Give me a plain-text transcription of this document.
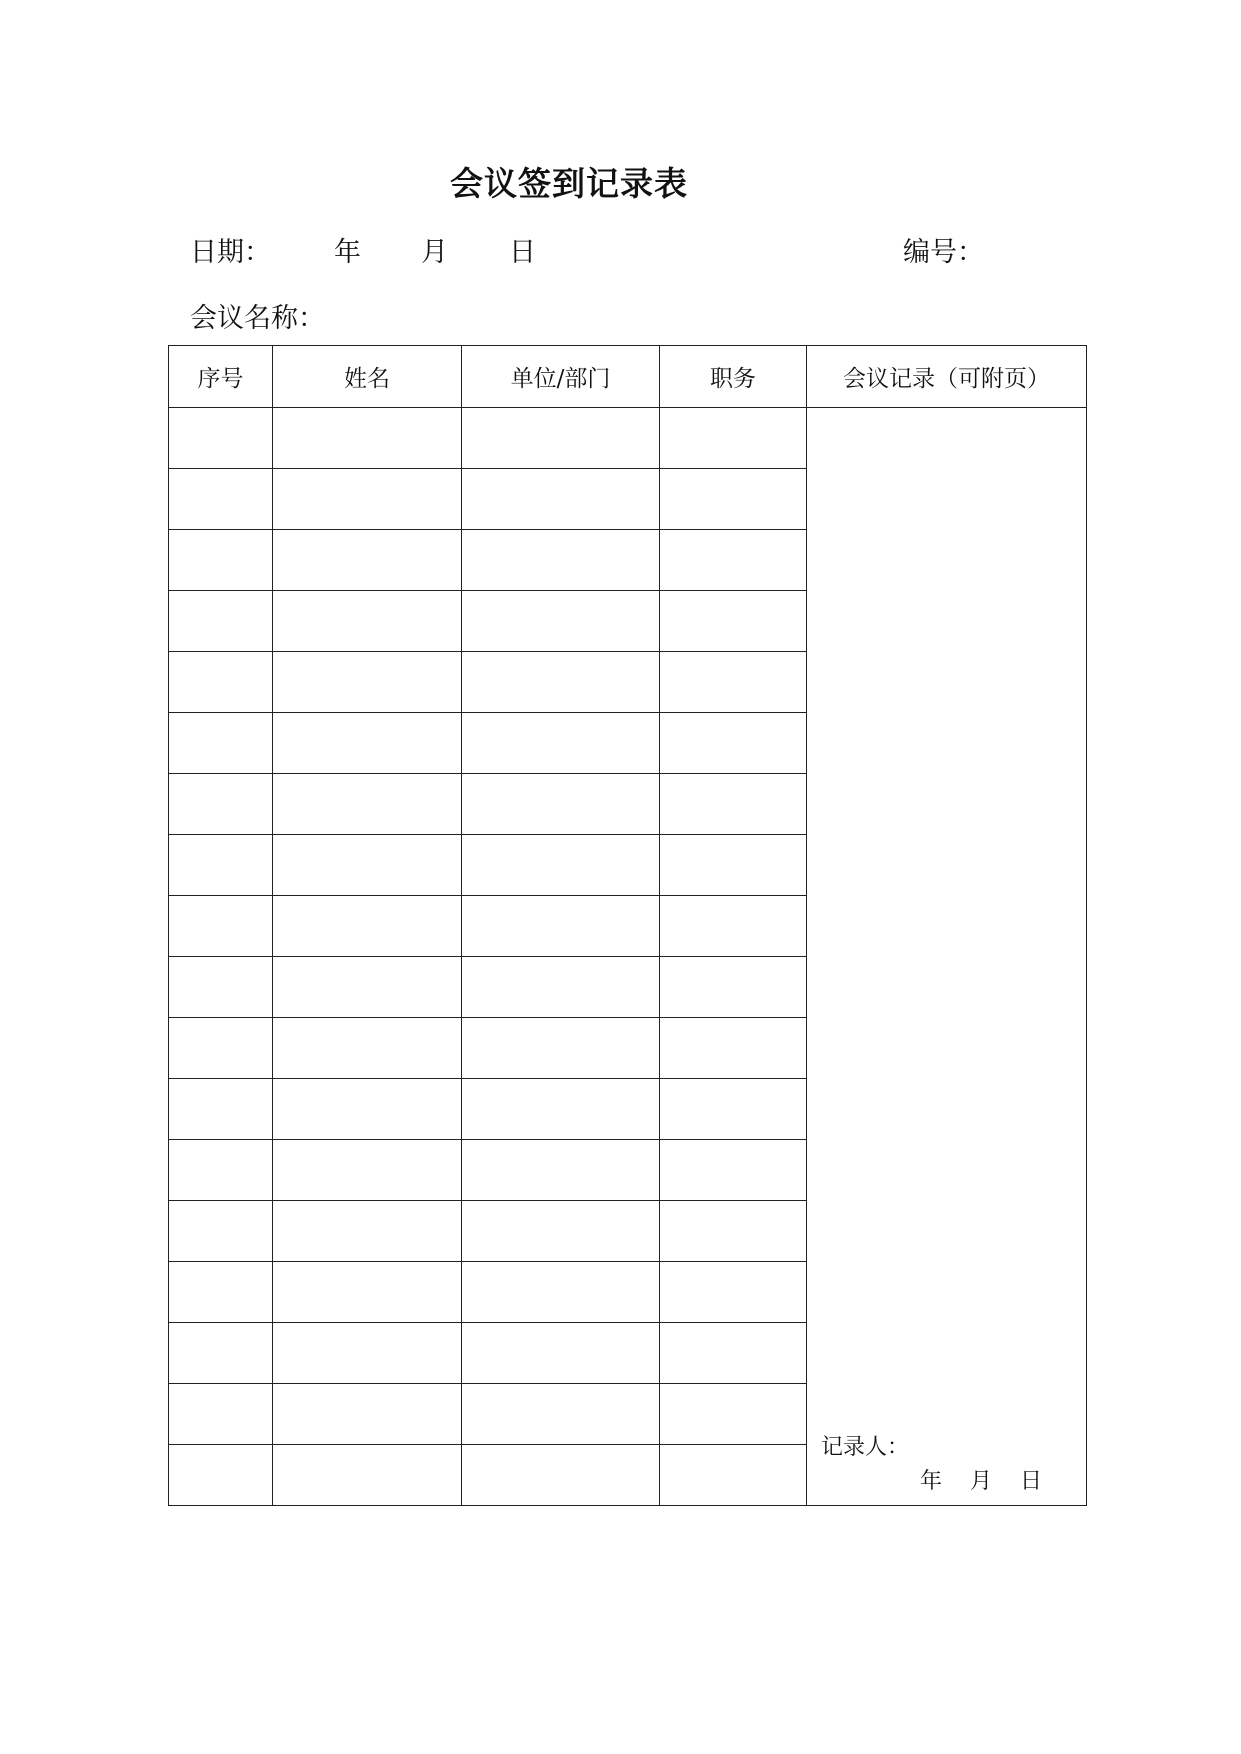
会议签到记录表
日期： 年 月 日	编号：
会议名称：
序号	姓名	单位/部门	职务	会议记录（可附页）

				记录人：
年    月    日
